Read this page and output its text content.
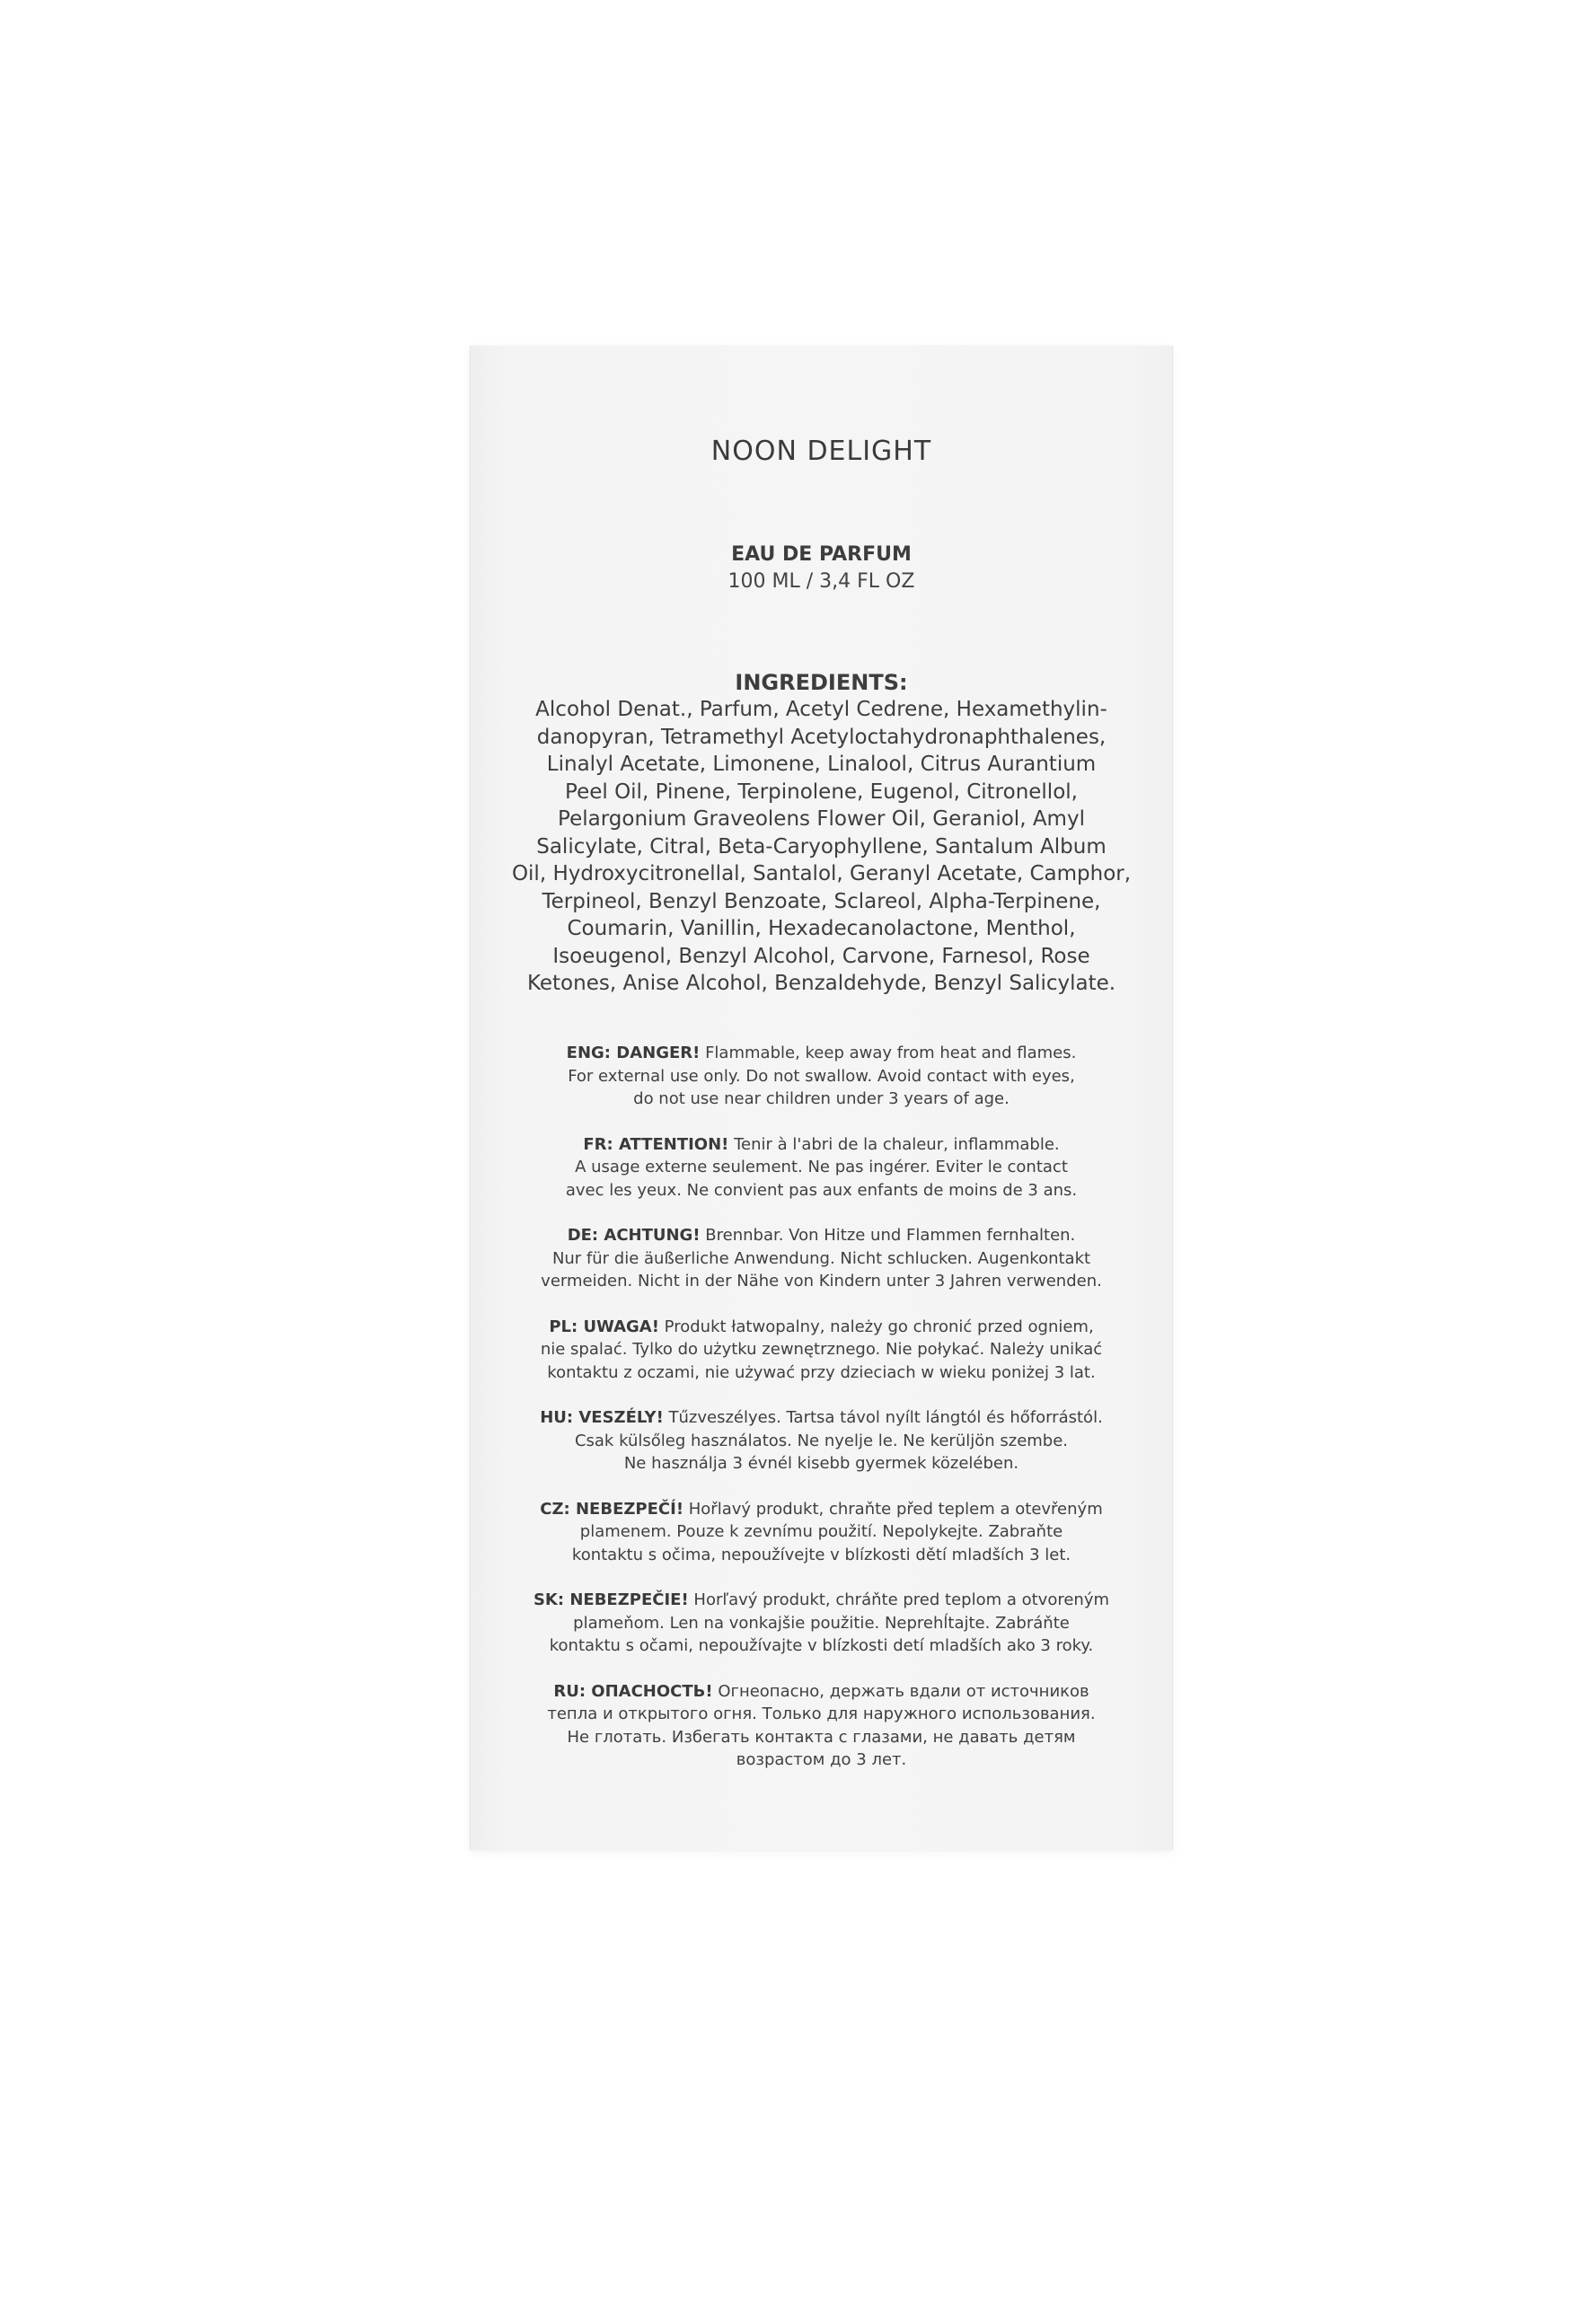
NOON DELIGHT
EAU DE PARFUM
100 ML / 3,4 FL OZ
INGREDIENTS:
Alcohol Denat., Parfum, Acetyl Cedrene, Hexamethylin-
danopyran, Tetramethyl Acetyloctahydronaphthalenes,
Linalyl Acetate, Limonene, Linalool, Citrus Aurantium
Peel Oil, Pinene, Terpinolene, Eugenol, Citronellol,
Pelargonium Graveolens Flower Oil, Geraniol, Amyl
Salicylate, Citral, Beta-Caryophyllene, Santalum Album
Oil, Hydroxycitronellal, Santalol, Geranyl Acetate, Camphor,
Terpineol, Benzyl Benzoate, Sclareol, Alpha-Terpinene,
Coumarin, Vanillin, Hexadecanolactone, Menthol,
Isoeugenol, Benzyl Alcohol, Carvone, Farnesol, Rose
Ketones, Anise Alcohol, Benzaldehyde, Benzyl Salicylate.
ENG: DANGER! Flammable, keep away from heat and flames.
For external use only. Do not swallow. Avoid contact with eyes,
do not use near children under 3 years of age.
FR: ATTENTION! Tenir à l'abri de la chaleur, inflammable.
A usage externe seulement. Ne pas ingérer. Eviter le contact
avec les yeux. Ne convient pas aux enfants de moins de 3 ans.
DE: ACHTUNG! Brennbar. Von Hitze und Flammen fernhalten.
Nur für die äußerliche Anwendung. Nicht schlucken. Augenkontakt
vermeiden. Nicht in der Nähe von Kindern unter 3 Jahren verwenden.
PL: UWAGA! Produkt łatwopalny, należy go chronić przed ogniem,
nie spalać. Tylko do użytku zewnętrznego. Nie połykać. Należy unikać
kontaktu z oczami, nie używać przy dzieciach w wieku poniżej 3 lat.
HU: VESZÉLY! Tűzveszélyes. Tartsa távol nyílt lángtól és hőforrástól.
Csak külsőleg használatos. Ne nyelje le. Ne kerüljön szembe.
Ne használja 3 évnél kisebb gyermek közelében.
CZ: NEBEZPEČÍ! Hořlavý produkt, chraňte před teplem a otevřeným
plamenem. Pouze k zevnímu použití. Nepolykejte. Zabraňte
kontaktu s očima, nepoužívejte v blízkosti dětí mladších 3 let.
SK: NEBEZPEČIE! Horľavý produkt, chráňte pred teplom a otvoreným
plameňom. Len na vonkajšie použitie. Neprehĺtajte. Zabráňte
kontaktu s očami, nepoužívajte v blízkosti detí mladších ako 3 roky.
RU: ОПАСНОСТЬ! Огнеопасно, держать вдали от источников
тепла и открытого огня. Только для наружного использования.
Не глотать. Избегать контакта с глазами, не давать детям
возрастом до 3 лет.
